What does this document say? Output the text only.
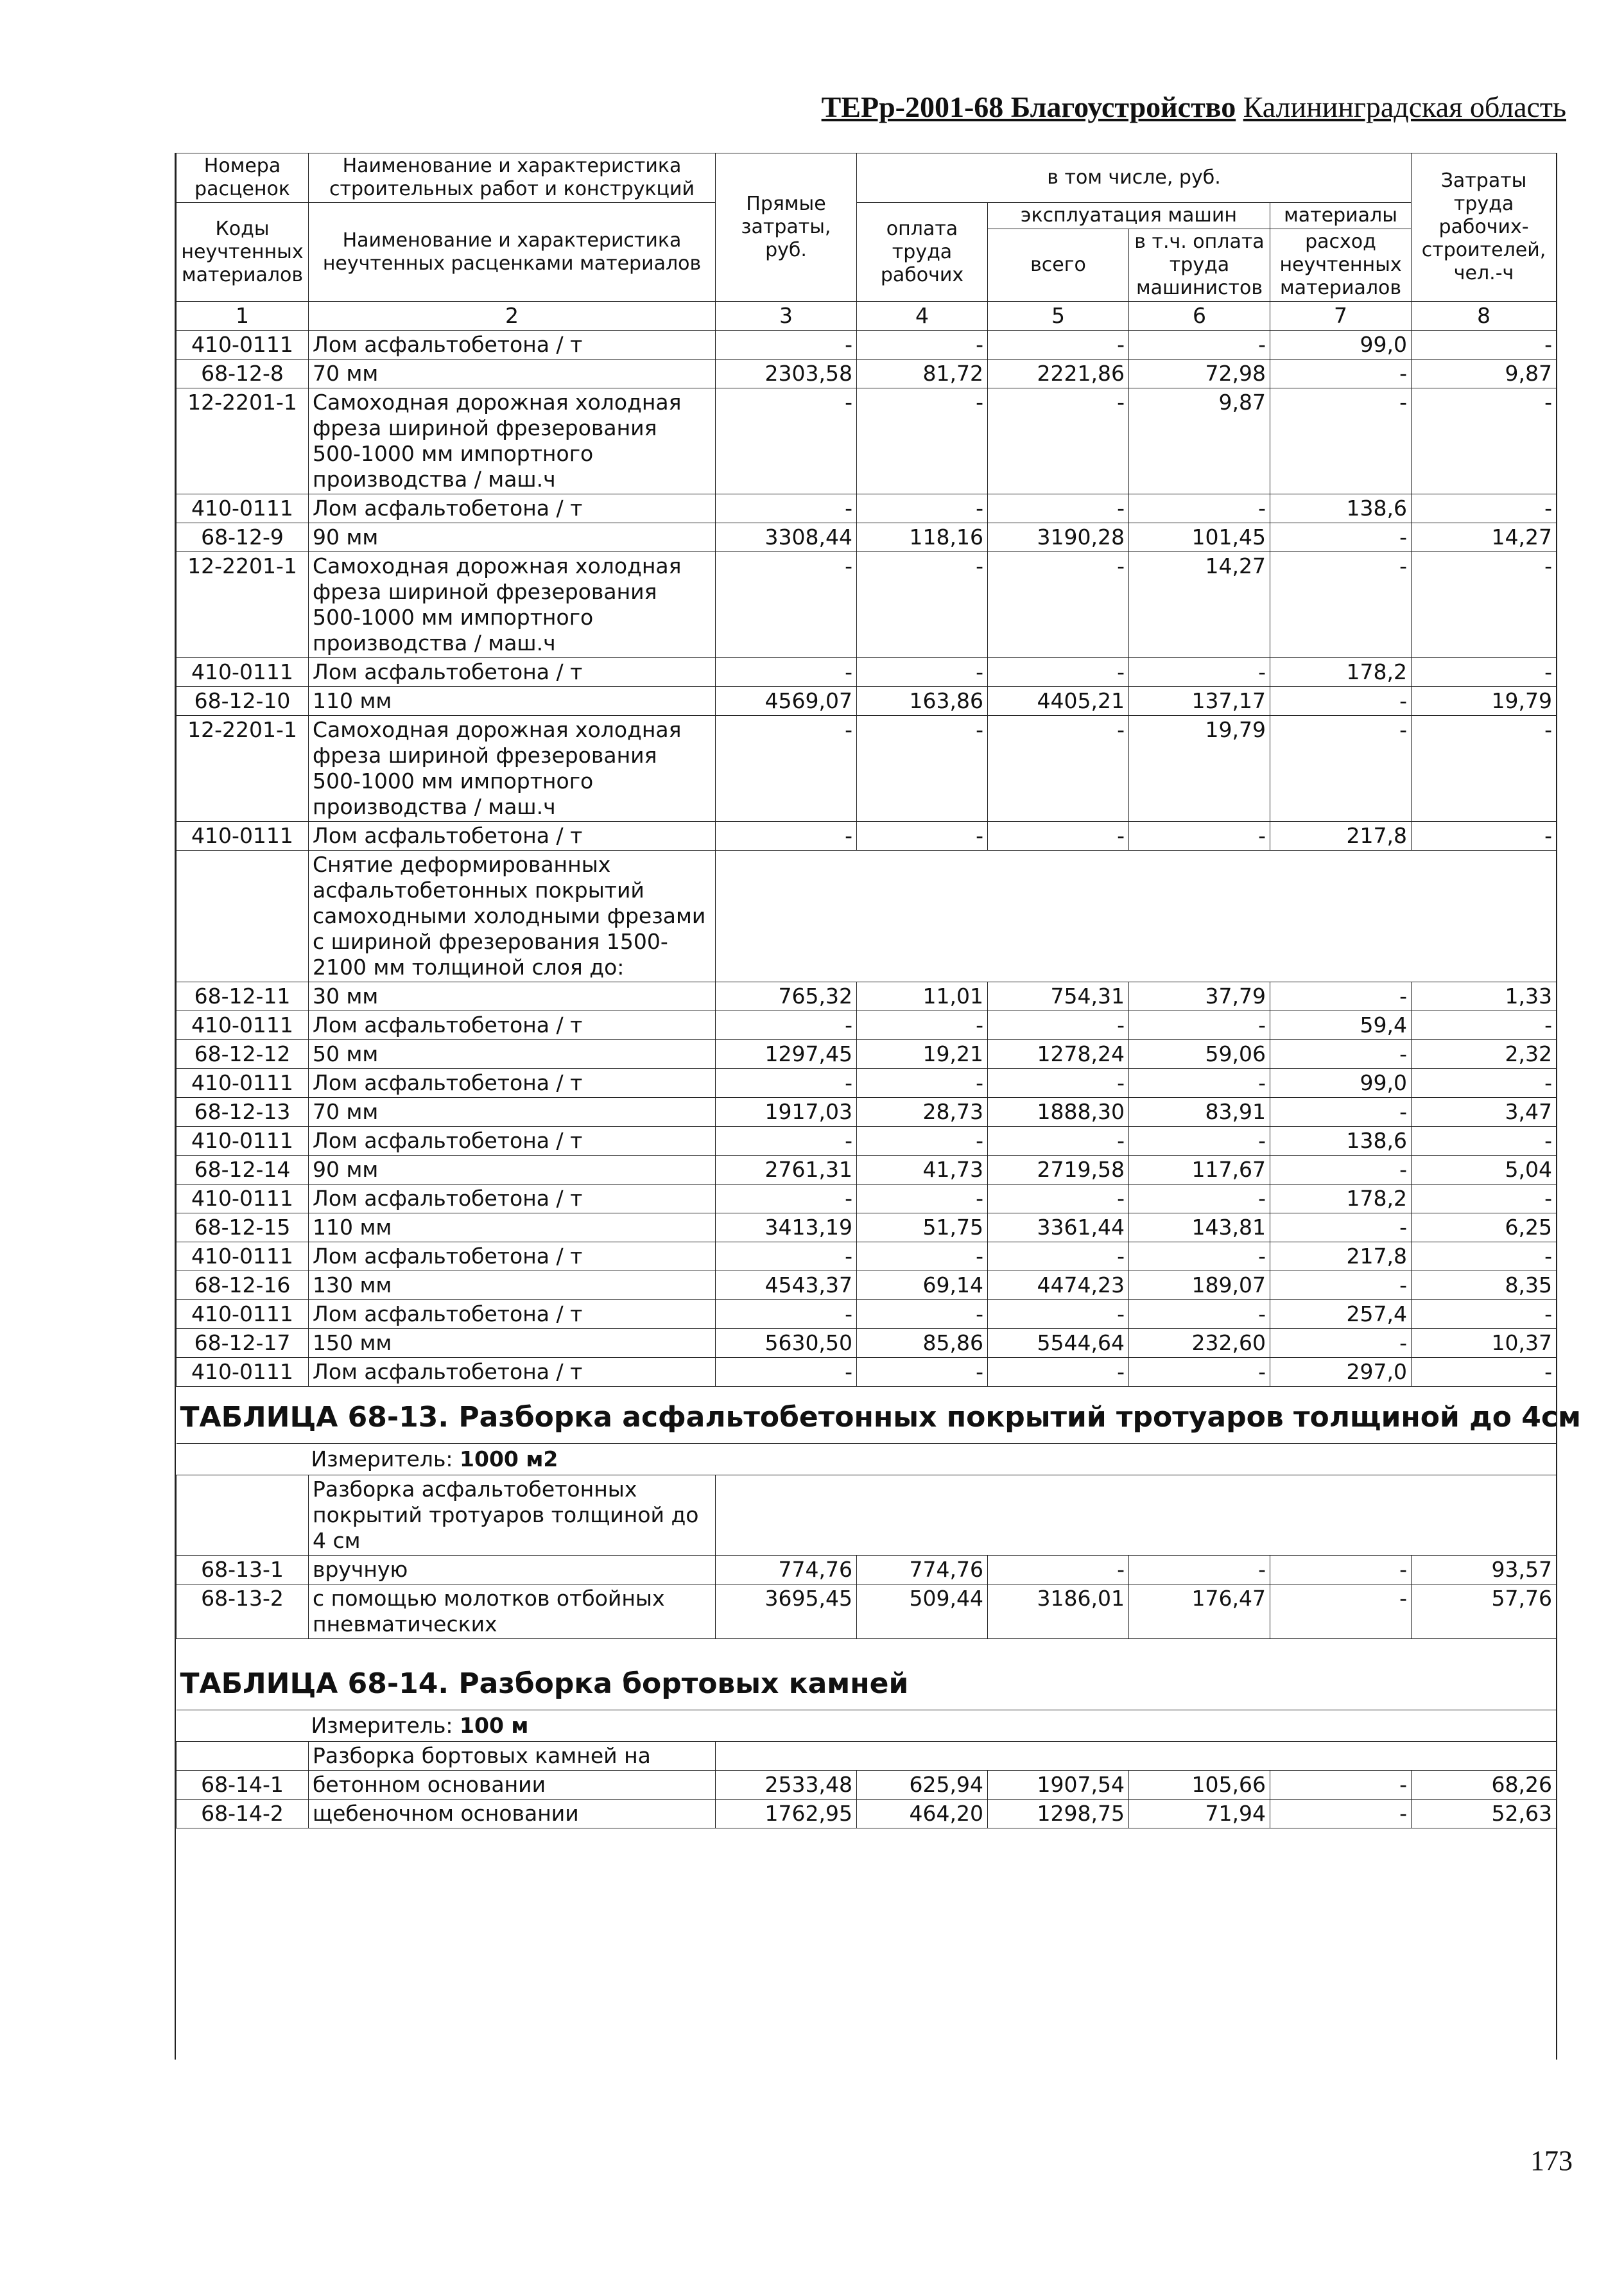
ТЕРр-2001-68 Благоустройство Калининградская область
Номера расценок	Наименование и характеристика строительных работ и конструкций	Прямые затраты, руб.	в том числе, руб.				Затраты труда рабочих-строителей, чел.-ч
Коды неучтенных материалов	Наименование и характеристика неучтенных расценками материалов		оплата труда рабочих	эксплуатация машин		материалы	
				всего	в т.ч. оплата труда машинистов	расход неучтенных материалов	

1	2	3	4	5	6	7	8
410-0111	Лом асфальтобетона / т	-	-	-	-	99,0	-
68-12-8	70 мм	2303,58	81,72	2221,86	72,98	-	9,87
12-2201-1	Самоходная дорожная холодная фреза шириной фрезерования 500-1000 мм импортного производства / маш.ч	-	-	-	9,87	-	-
410-0111	Лом асфальтобетона / т	-	-	-	-	138,6	-
68-12-9	90 мм	3308,44	118,16	3190,28	101,45	-	14,27
12-2201-1	Самоходная дорожная холодная фреза шириной фрезерования 500-1000 мм импортного производства / маш.ч	-	-	-	14,27	-	-
410-0111	Лом асфальтобетона / т	-	-	-	-	178,2	-
68-12-10	110 мм	4569,07	163,86	4405,21	137,17	-	19,79
12-2201-1	Самоходная дорожная холодная фреза шириной фрезерования 500-1000 мм импортного производства / маш.ч	-	-	-	19,79	-	-
410-0111	Лом асфальтобетона / т	-	-	-	-	217,8	-
	Снятие деформированных асфальтобетонных покрытий самоходными холодными фрезами с шириной фрезерования 1500-2100 мм толщиной слоя до:						
68-12-11	30 мм	765,32	11,01	754,31	37,79	-	1,33
410-0111	Лом асфальтобетона / т	-	-	-	-	59,4	-
68-12-12	50 мм	1297,45	19,21	1278,24	59,06	-	2,32
410-0111	Лом асфальтобетона / т	-	-	-	-	99,0	-
68-12-13	70 мм	1917,03	28,73	1888,30	83,91	-	3,47
410-0111	Лом асфальтобетона / т	-	-	-	-	138,6	-
68-12-14	90 мм	2761,31	41,73	2719,58	117,67	-	5,04
410-0111	Лом асфальтобетона / т	-	-	-	-	178,2	-
68-12-15	110 мм	3413,19	51,75	3361,44	143,81	-	6,25
410-0111	Лом асфальтобетона / т	-	-	-	-	217,8	-
68-12-16	130 мм	4543,37	69,14	4474,23	189,07	-	8,35
410-0111	Лом асфальтобетона / т	-	-	-	-	257,4	-
68-12-17	150 мм	5630,50	85,86	5544,64	232,60	-	10,37
410-0111	Лом асфальтобетона / т	-	-	-	-	297,0	-
ТАБЛИЦА 68-13. Разборка асфальтобетонных покрытий тротуаров толщиной до 4см							
Измеритель: 1000 м2							
	Разборка асфальтобетонных покрытий тротуаров толщиной до 4 см						
68-13-1	вручную	774,76	774,76	-	-	-	93,57
68-13-2	с помощью молотков отбойных пневматических	3695,45	509,44	3186,01	176,47	-	57,76
ТАБЛИЦА 68-14. Разборка бортовых камней							
Измеритель: 100 м							
	Разборка бортовых камней на						
68-14-1	бетонном основании	2533,48	625,94	1907,54	105,66	-	68,26
68-14-2	щебеночном основании	1762,95	464,20	1298,75	71,94	-	52,63
173
